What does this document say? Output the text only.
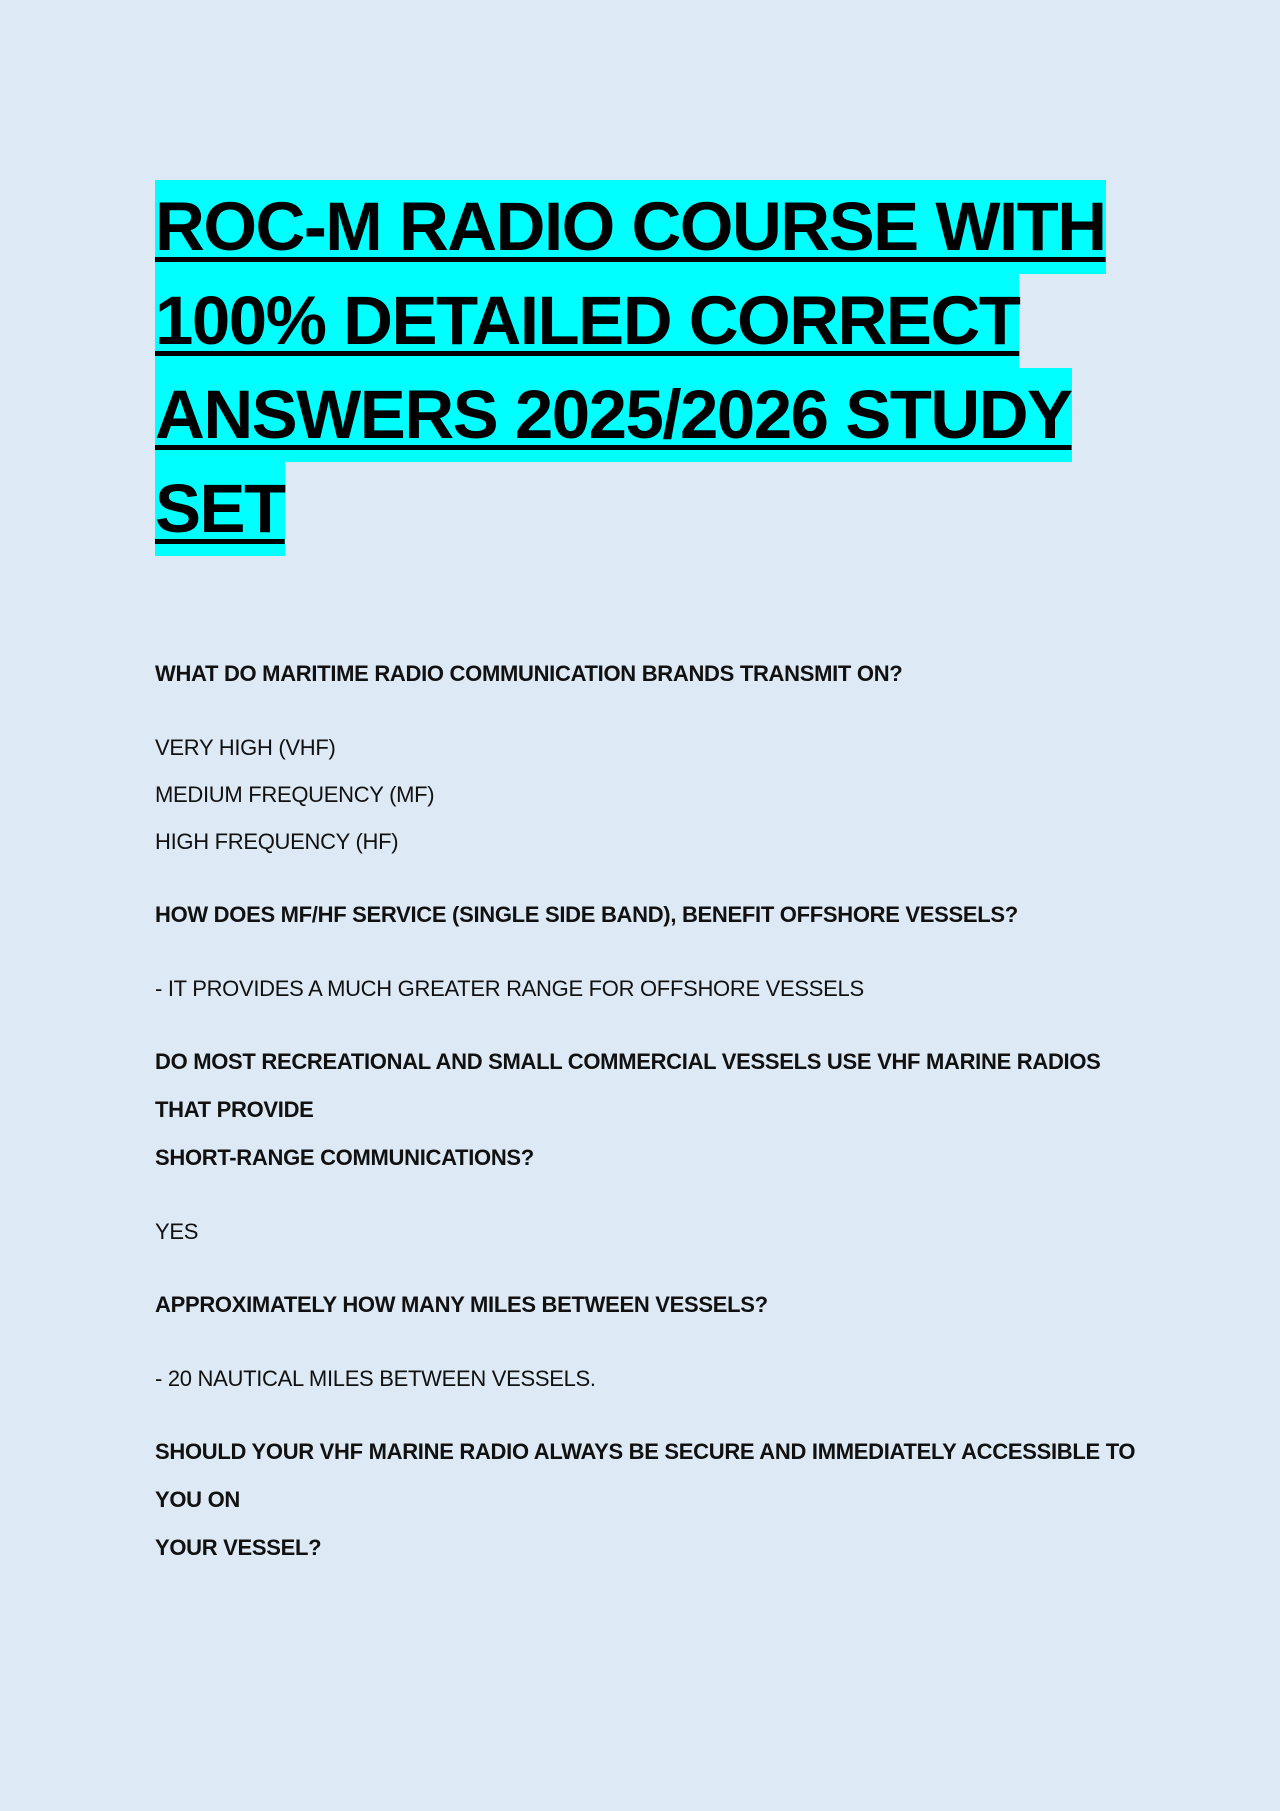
ROC-M RADIO COURSE WITH
100% DETAILED CORRECT
ANSWERS 2025/2026 STUDY
SET

WHAT DO MARITIME RADIO COMMUNICATION BRANDS TRANSMIT ON?

VERY HIGH (VHF)

MEDIUM FREQUENCY (MF)

HIGH FREQUENCY (HF)

HOW DOES MF/HF SERVICE (SINGLE SIDE BAND), BENEFIT OFFSHORE VESSELS?

- IT PROVIDES A MUCH GREATER RANGE FOR OFFSHORE VESSELS

DO MOST RECREATIONAL AND SMALL COMMERCIAL VESSELS USE VHF MARINE RADIOS

THAT PROVIDE

SHORT-RANGE COMMUNICATIONS?

YES

APPROXIMATELY HOW MANY MILES BETWEEN VESSELS?

- 20 NAUTICAL MILES BETWEEN VESSELS.

SHOULD YOUR VHF MARINE RADIO ALWAYS BE SECURE AND IMMEDIATELY ACCESSIBLE TO

YOU ON

YOUR VESSEL?
